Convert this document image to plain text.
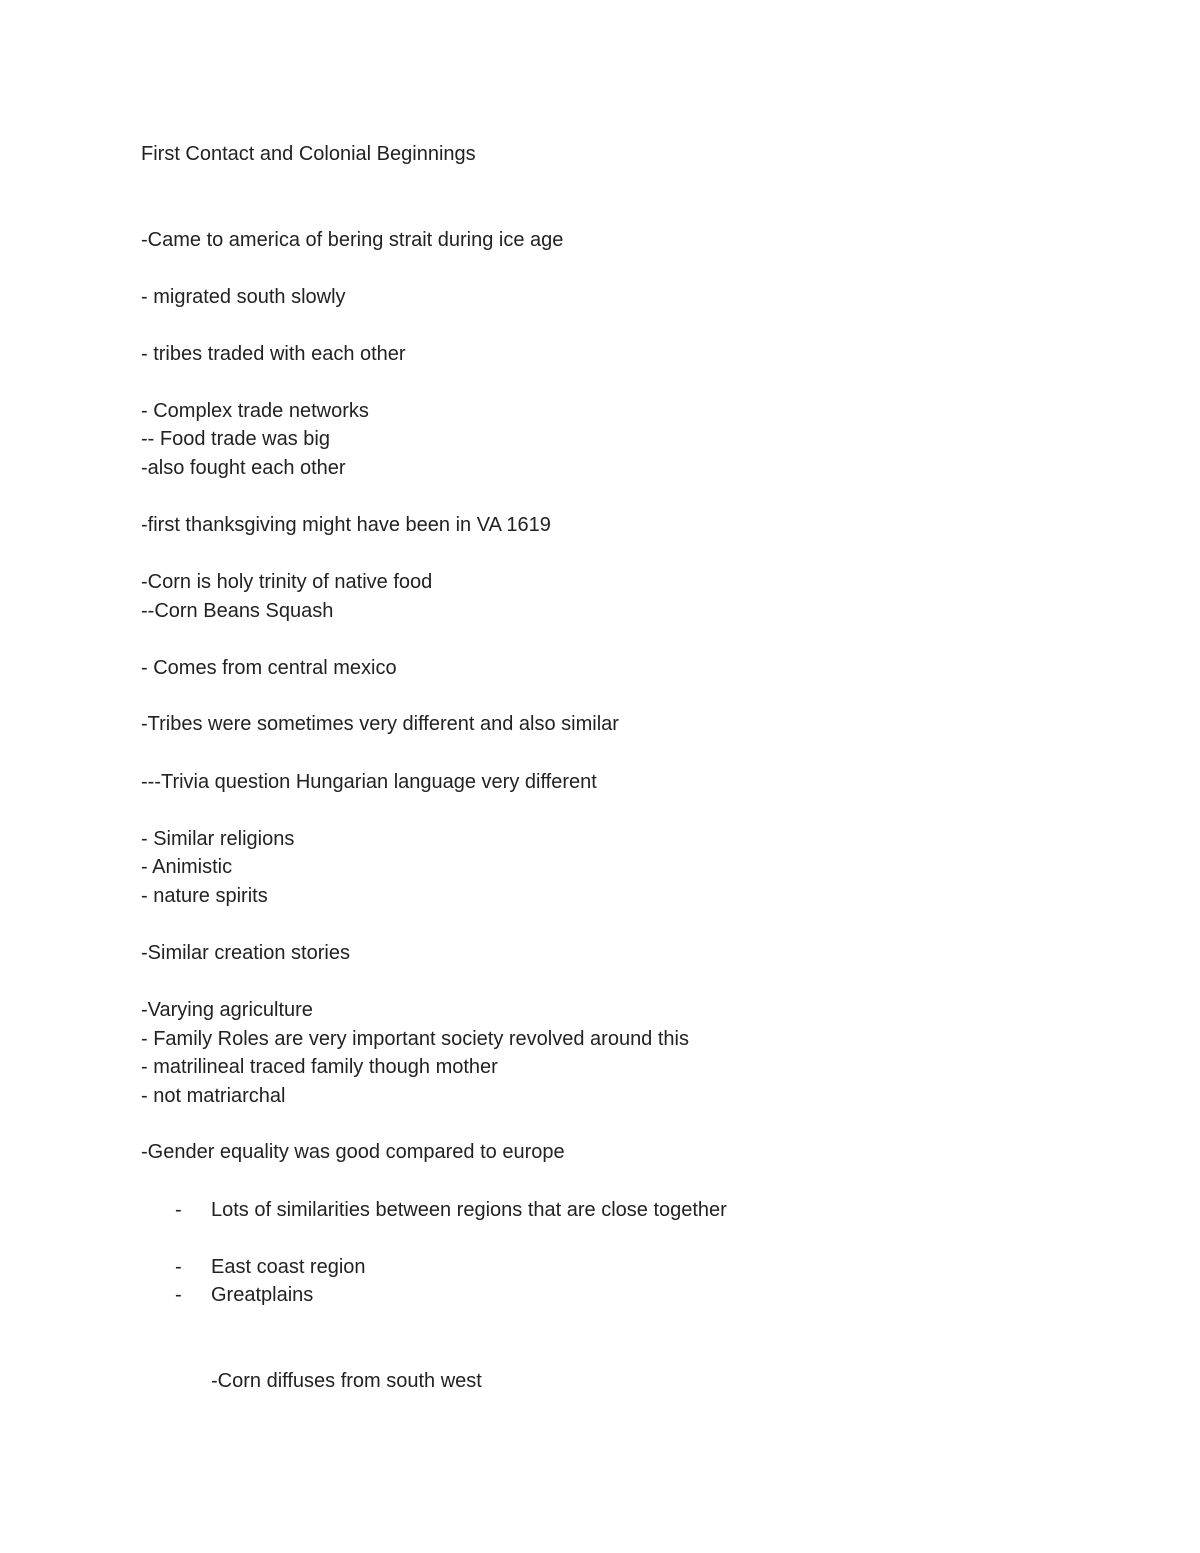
First Contact and Colonial Beginnings

-Came to america of bering strait during ice age

- migrated south slowly

- tribes traded with each other

- Complex trade networks

-- Food trade was big

-also fought each other

-first thanksgiving might have been in VA 1619

-Corn is holy trinity of native food

--Corn Beans Squash

- Comes from central mexico

-Tribes were sometimes very different and also similar

---Trivia question Hungarian language very different

- Similar religions

- Animistic

- nature spirits

-Similar creation stories

-Varying agriculture

- Family Roles are very important society revolved around this

- matrilineal traced family though mother

- not matriarchal

-Gender equality was good compared to europe

- Lots of similarities between regions that are close together
- East coast region
- Greatplains

-Corn diffuses from south west
